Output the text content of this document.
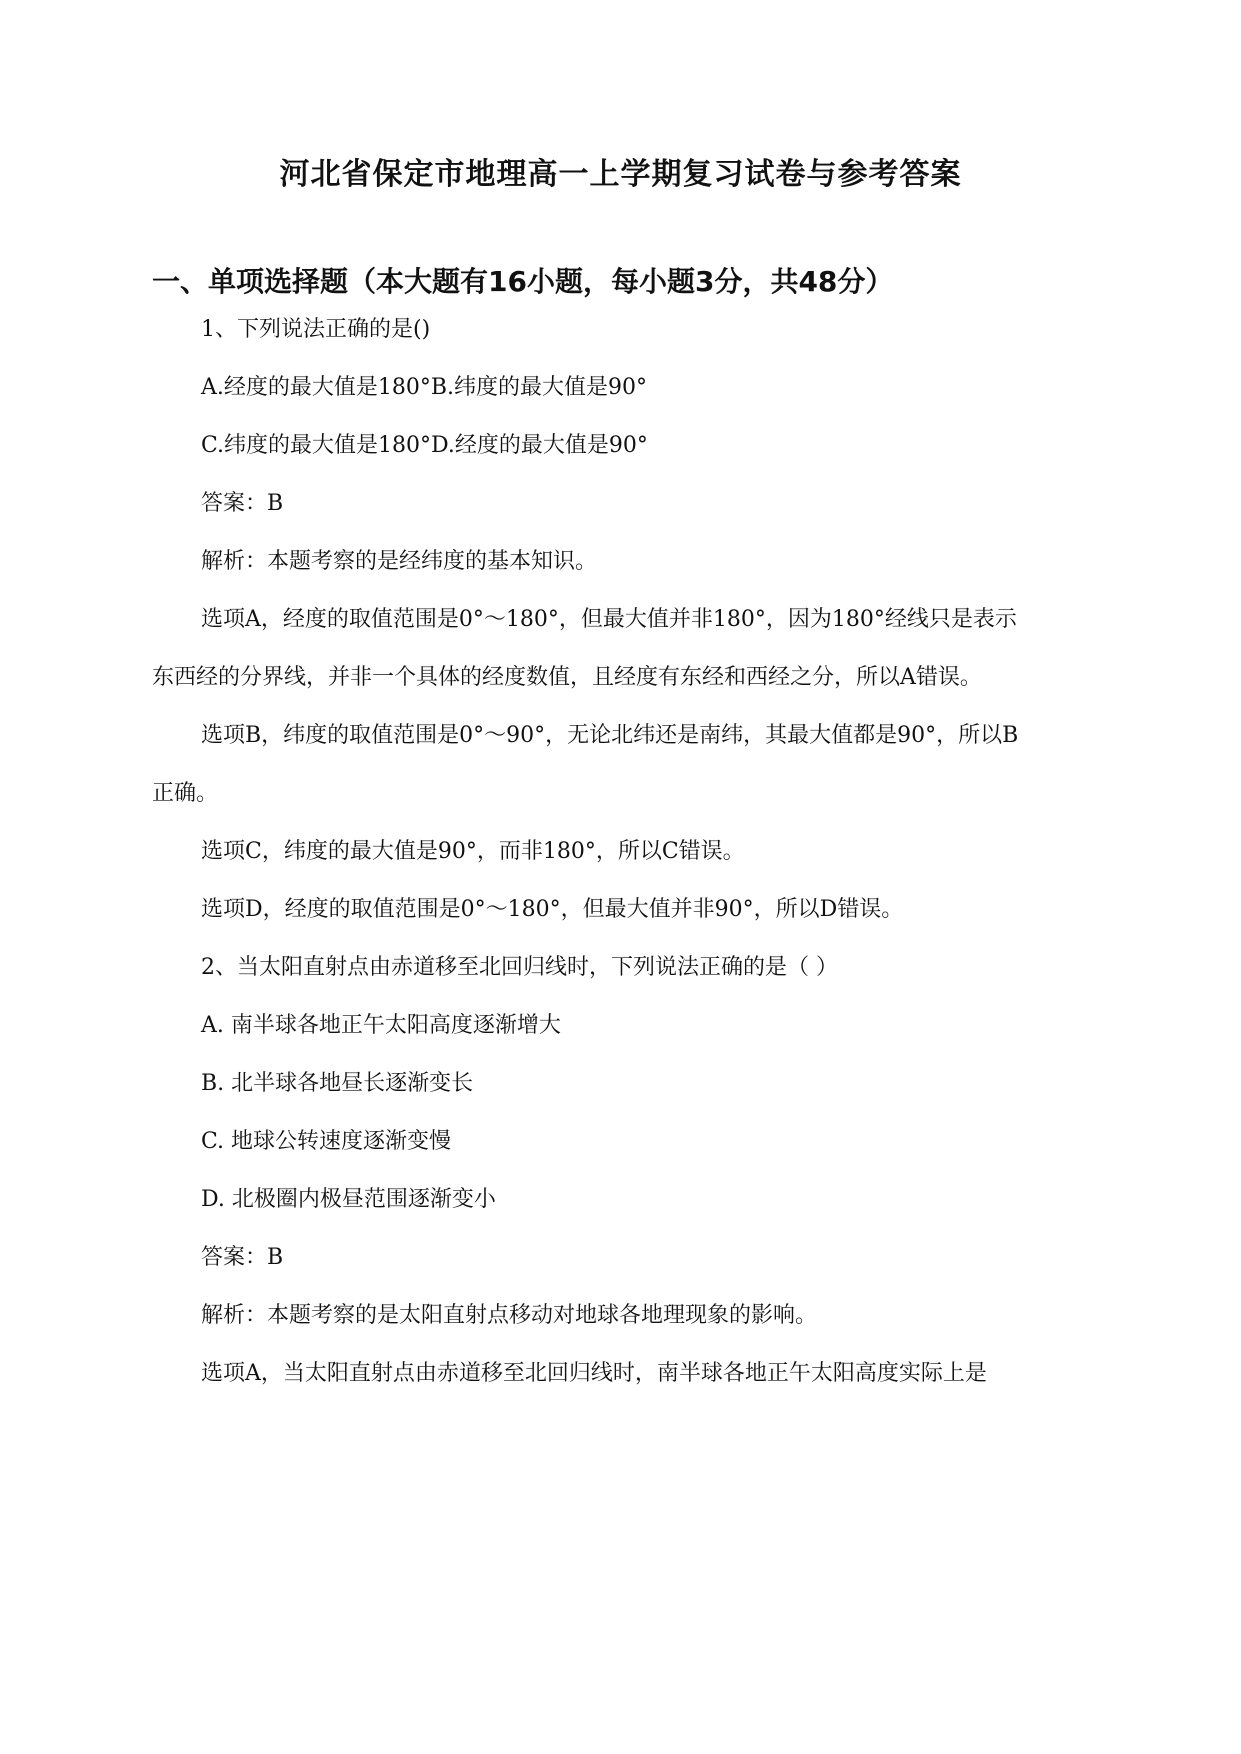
河北省保定市地理高一上学期复习试卷与参考答案
一、单项选择题（本大题有16小题，每小题3分，共48分）
1、下列说法正确的是()
A.经度的最大值是180°B.纬度的最大值是90°
C.纬度的最大值是180°D.经度的最大值是90°
答案：B
解析：本题考察的是经纬度的基本知识。
选项A，经度的取值范围是0°～180°，但最大值并非180°，因为180°经线只是表示
东西经的分界线，并非一个具体的经度数值，且经度有东经和西经之分，所以A错误。
选项B，纬度的取值范围是0°～90°，无论北纬还是南纬，其最大值都是90°，所以B
正确。
选项C，纬度的最大值是90°，而非180°，所以C错误。
选项D，经度的取值范围是0°～180°，但最大值并非90°，所以D错误。
2、当太阳直射点由赤道移至北回归线时，下列说法正确的是（ ）
A. 南半球各地正午太阳高度逐渐增大
B. 北半球各地昼长逐渐变长
C. 地球公转速度逐渐变慢
D. 北极圈内极昼范围逐渐变小
答案：B
解析：本题考察的是太阳直射点移动对地球各地理现象的影响。
选项A，当太阳直射点由赤道移至北回归线时，南半球各地正午太阳高度实际上是
